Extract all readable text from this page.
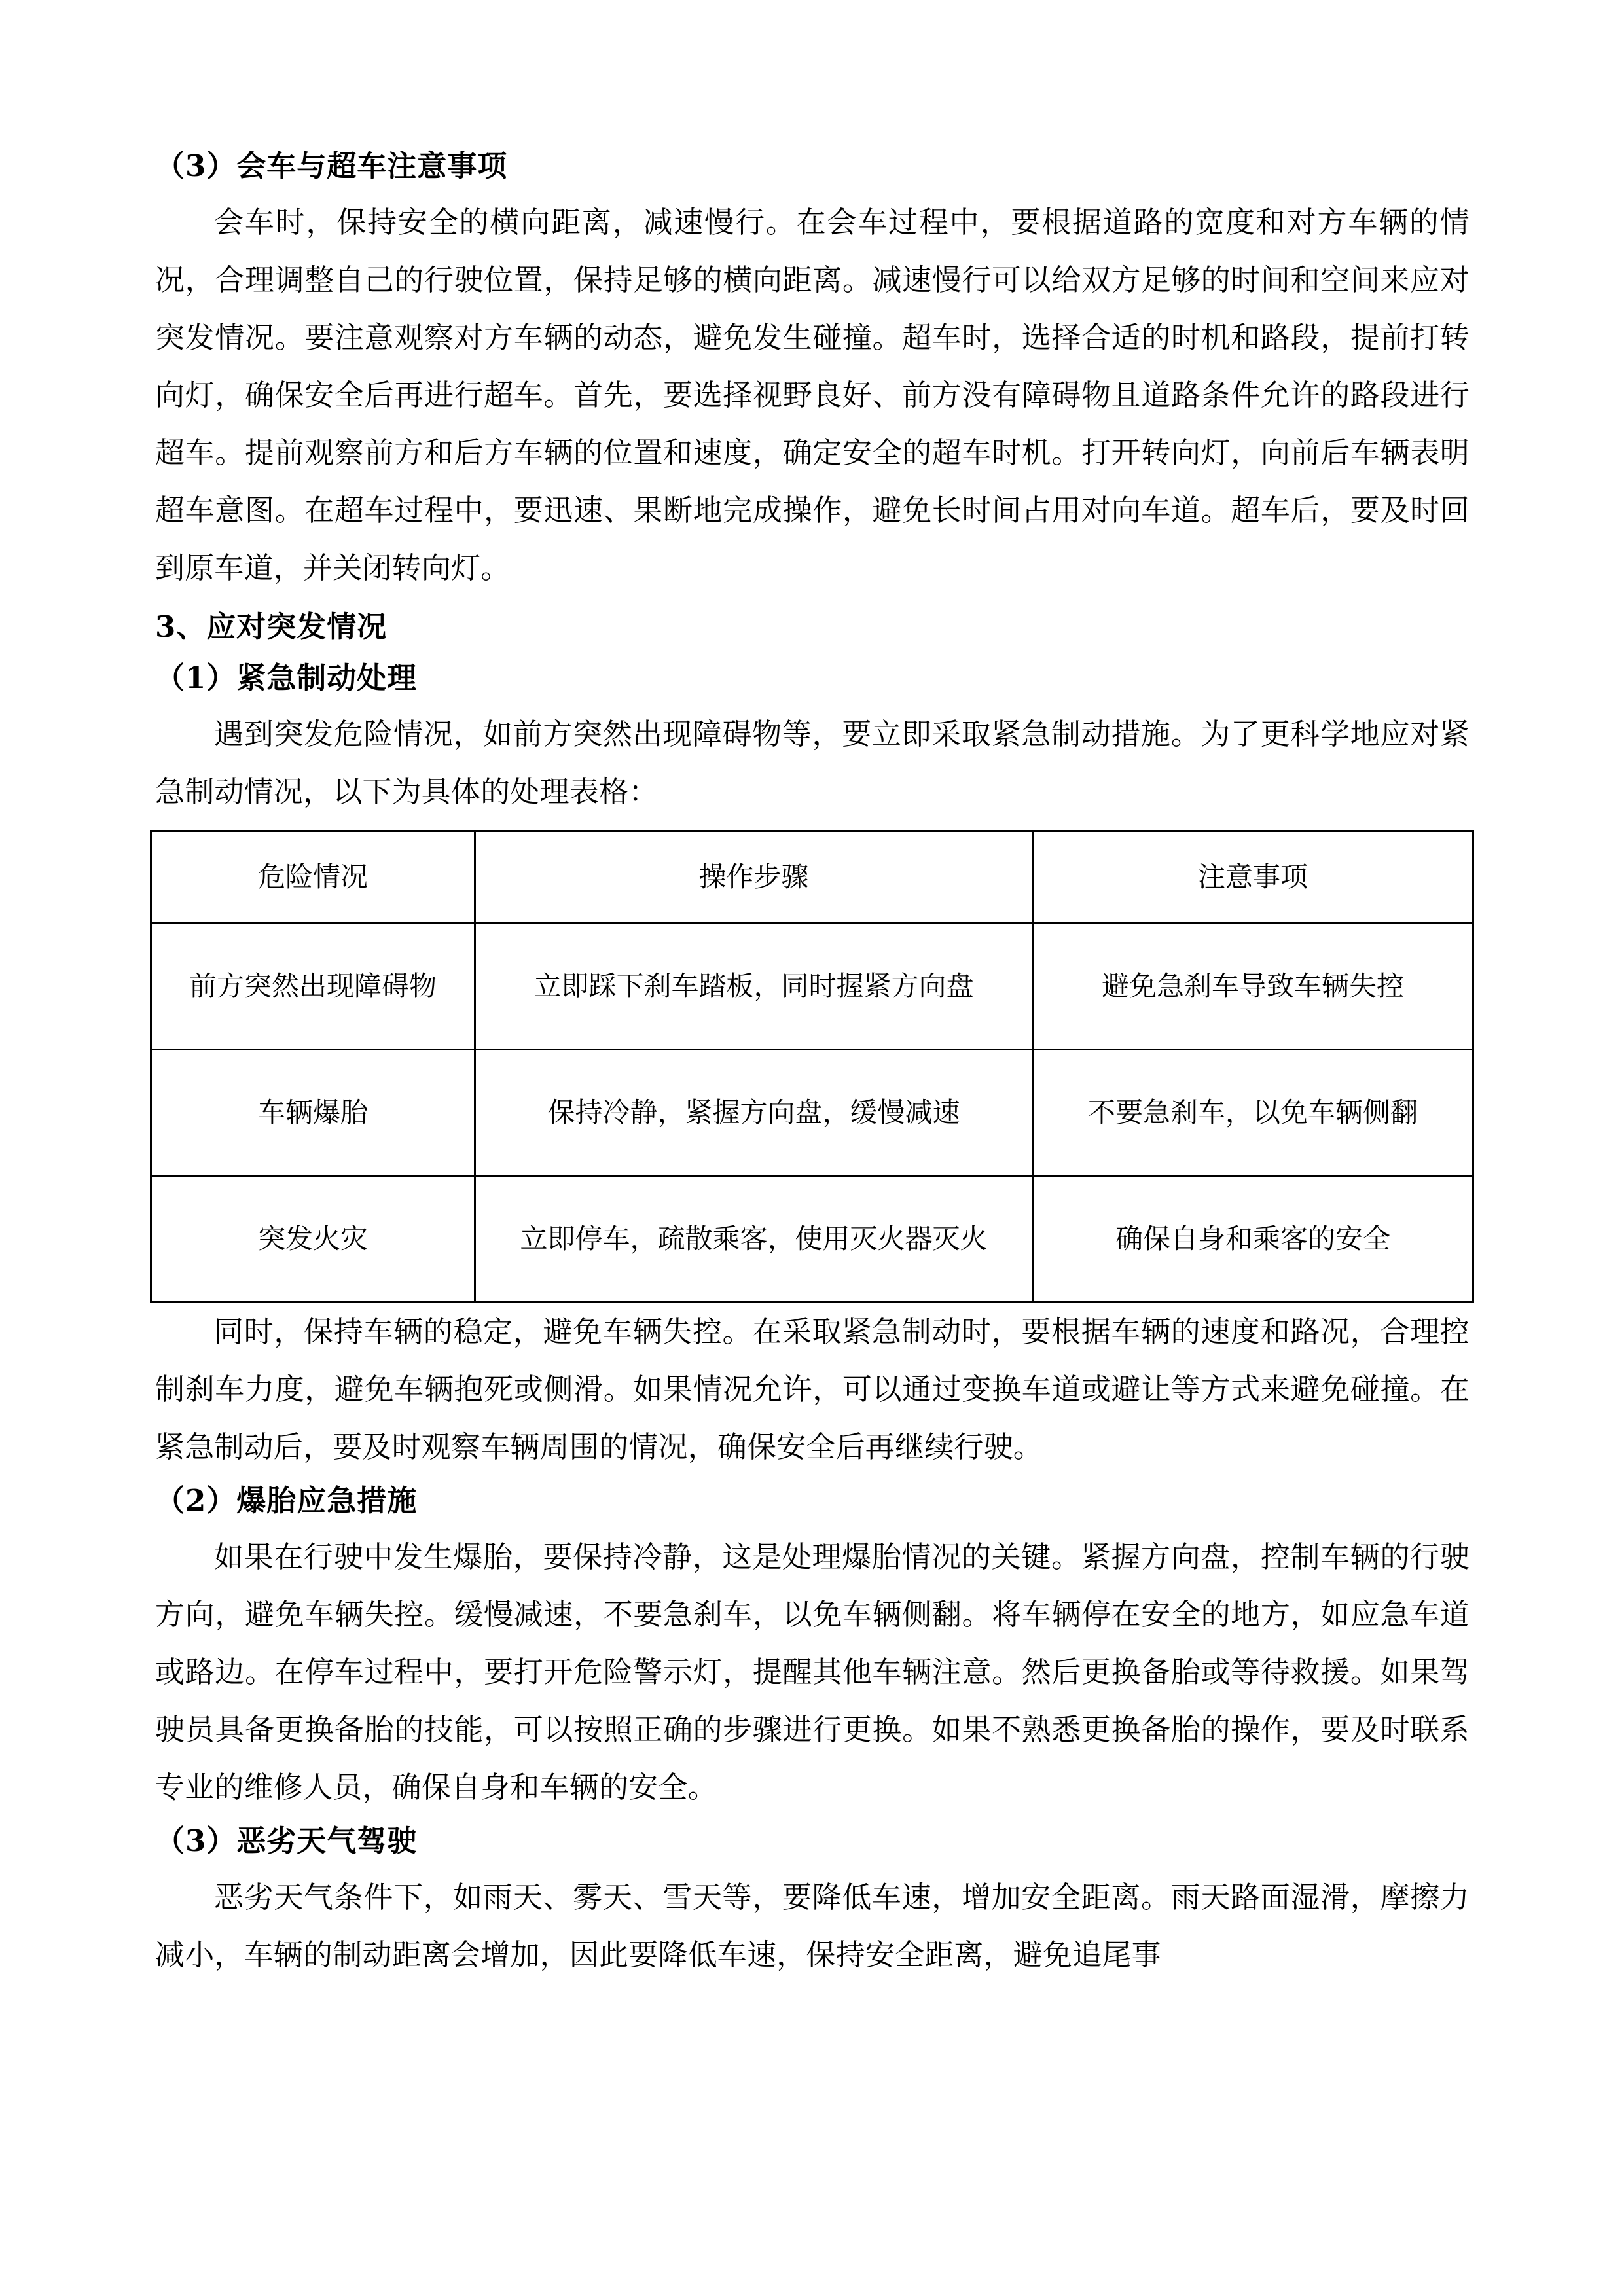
（3）会车与超车注意事项

会车时，保持安全的横向距离，减速慢行。在会车过程中，要根据道路的宽度和对方车辆的情况，合理调整自己的行驶位置，保持足够的横向距离。减速慢行可以给双方足够的时间和空间来应对突发情况。要注意观察对方车辆的动态，避免发生碰撞。超车时，选择合适的时机和路段，提前打转向灯，确保安全后再进行超车。首先，要选择视野良好、前方没有障碍物且道路条件允许的路段进行超车。提前观察前方和后方车辆的位置和速度，确定安全的超车时机。打开转向灯，向前后车辆表明超车意图。在超车过程中，要迅速、果断地完成操作，避免长时间占用对向车道。超车后，要及时回到原车道，并关闭转向灯。

3、应对突发情况
（1）紧急制动处理

遇到突发危险情况，如前方突然出现障碍物等，要立即采取紧急制动措施。为了更科学地应对紧急制动情况，以下为具体的处理表格：

危险情况	操作步骤	注意事项
前方突然出现障碍物	立即踩下刹车踏板，同时握紧方向盘	避免急刹车导致车辆失控
车辆爆胎	保持冷静，紧握方向盘，缓慢减速	不要急刹车，以免车辆侧翻
突发火灾	立即停车，疏散乘客，使用灭火器灭火	确保自身和乘客的安全

同时，保持车辆的稳定，避免车辆失控。在采取紧急制动时，要根据车辆的速度和路况，合理控制刹车力度，避免车辆抱死或侧滑。如果情况允许，可以通过变换车道或避让等方式来避免碰撞。在紧急制动后，要及时观察车辆周围的情况，确保安全后再继续行驶。

（2）爆胎应急措施

如果在行驶中发生爆胎，要保持冷静，这是处理爆胎情况的关键。紧握方向盘，控制车辆的行驶方向，避免车辆失控。缓慢减速，不要急刹车，以免车辆侧翻。将车辆停在安全的地方，如应急车道或路边。在停车过程中，要打开危险警示灯，提醒其他车辆注意。然后更换备胎或等待救援。如果驾驶员具备更换备胎的技能，可以按照正确的步骤进行更换。如果不熟悉更换备胎的操作，要及时联系专业的维修人员，确保自身和车辆的安全。

（3）恶劣天气驾驶

恶劣天气条件下，如雨天、雾天、雪天等，要降低车速，增加安全距离。雨天路面湿滑，摩擦力减小，车辆的制动距离会增加，因此要降低车速，保持安全距离，避免追尾事
